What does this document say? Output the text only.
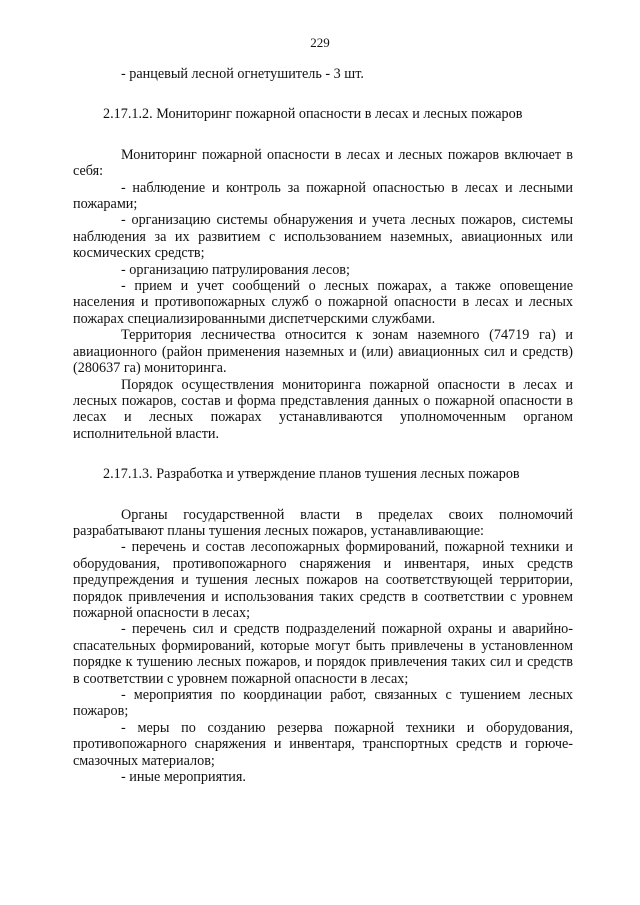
229

- ранцевый лесной огнетушитель - 3 шт.

2.17.1.2. Мониторинг пожарной опасности в лесах и лесных пожаров

Мониторинг пожарной опасности в лесах и лесных пожаров включает в себя:

- наблюдение и контроль за пожарной опасностью в лесах и лесными пожарами;

- организацию системы обнаружения и учета лесных пожаров, системы наблюдения за их развитием с использованием наземных, авиационных или космических средств;

- организацию патрулирования лесов;

- прием и учет сообщений о лесных пожарах, а также оповещение населения и противопожарных служб о пожарной опасности в лесах и лесных пожарах специализированными диспетчерскими службами.

Территория лесничества относится к зонам наземного (74719 га) и авиационного (район применения наземных и (или) авиационных сил и средств) (280637 га) мониторинга.

Порядок осуществления мониторинга пожарной опасности в лесах и лесных пожаров, состав и форма представления данных о пожарной опасности в лесах и лесных пожарах устанавливаются уполномоченным органом исполнительной власти.

2.17.1.3. Разработка и утверждение планов тушения лесных пожаров

Органы государственной власти в пределах своих полномочий разрабатывают планы тушения лесных пожаров, устанавливающие:

- перечень и состав лесопожарных формирований, пожарной техники и оборудования, противопожарного снаряжения и инвентаря, иных средств предупреждения и тушения лесных пожаров на соответствующей территории, порядок привлечения и использования таких средств в соответствии с уровнем пожарной опасности в лесах;

- перечень сил и средств подразделений пожарной охраны и аварийно-спасательных формирований, которые могут быть привлечены в установленном порядке к тушению лесных пожаров, и порядок привлечения таких сил и средств в соответствии с уровнем пожарной опасности в лесах;

- мероприятия по координации работ, связанных с тушением лесных пожаров;

- меры по созданию резерва пожарной техники и оборудования, противопожарного снаряжения и инвентаря, транспортных средств и горюче-смазочных материалов;

- иные мероприятия.
